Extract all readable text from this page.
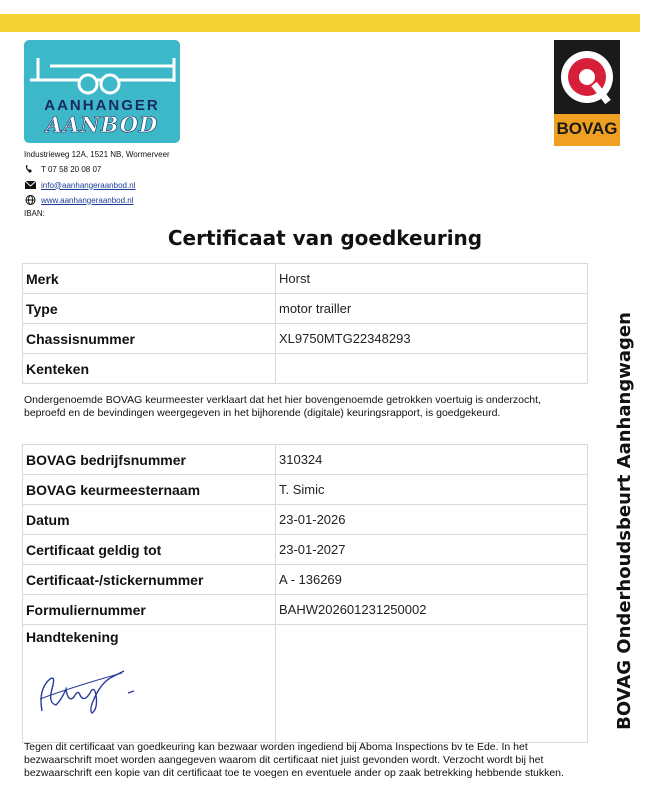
AANHANGER
AANBOD	BOVAG
Industrieweg 12A, 1521 NB, Wormerveer
T 07 58 20 08 07
info@aanhangeraanbod.nl
www.aanhangeraanbod.nl
IBAN:
Certificaat van goedkeuring
Merk	Horst
Type	motor trailler
Chassisnummer	XL9750MTG22348293
Kenteken	
Ondergenoemde BOVAG keurmeester verklaart dat het hier bovengenoemde getrokken voertuig is onderzocht, beproefd en de bevindingen weergegeven in het bijhorende (digitale) keuringsrapport, is goedgekeurd.
BOVAG bedrijfsnummer	310324
BOVAG keurmeesternaam	T. Simic
Datum	23-01-2026
Certificaat geldig tot	23-01-2027
Certificaat-/stickernummer	A - 136269
Formuliernummer	BAHW202601231250002

Handtekening	

Tegen dit certificaat van goedkeuring kan bezwaar worden ingediend bij Aboma Inspections bv te Ede. In het bezwaarschrift moet worden aangegeven waarom dit certificaat niet juist gevonden wordt. Verzocht wordt bij het bezwaarschrift een kopie van dit certificaat toe te voegen en eventuele ander op zaak betrekking hebbende stukken.
BOVAG Onderhoudsbeurt Aanhangwagen
